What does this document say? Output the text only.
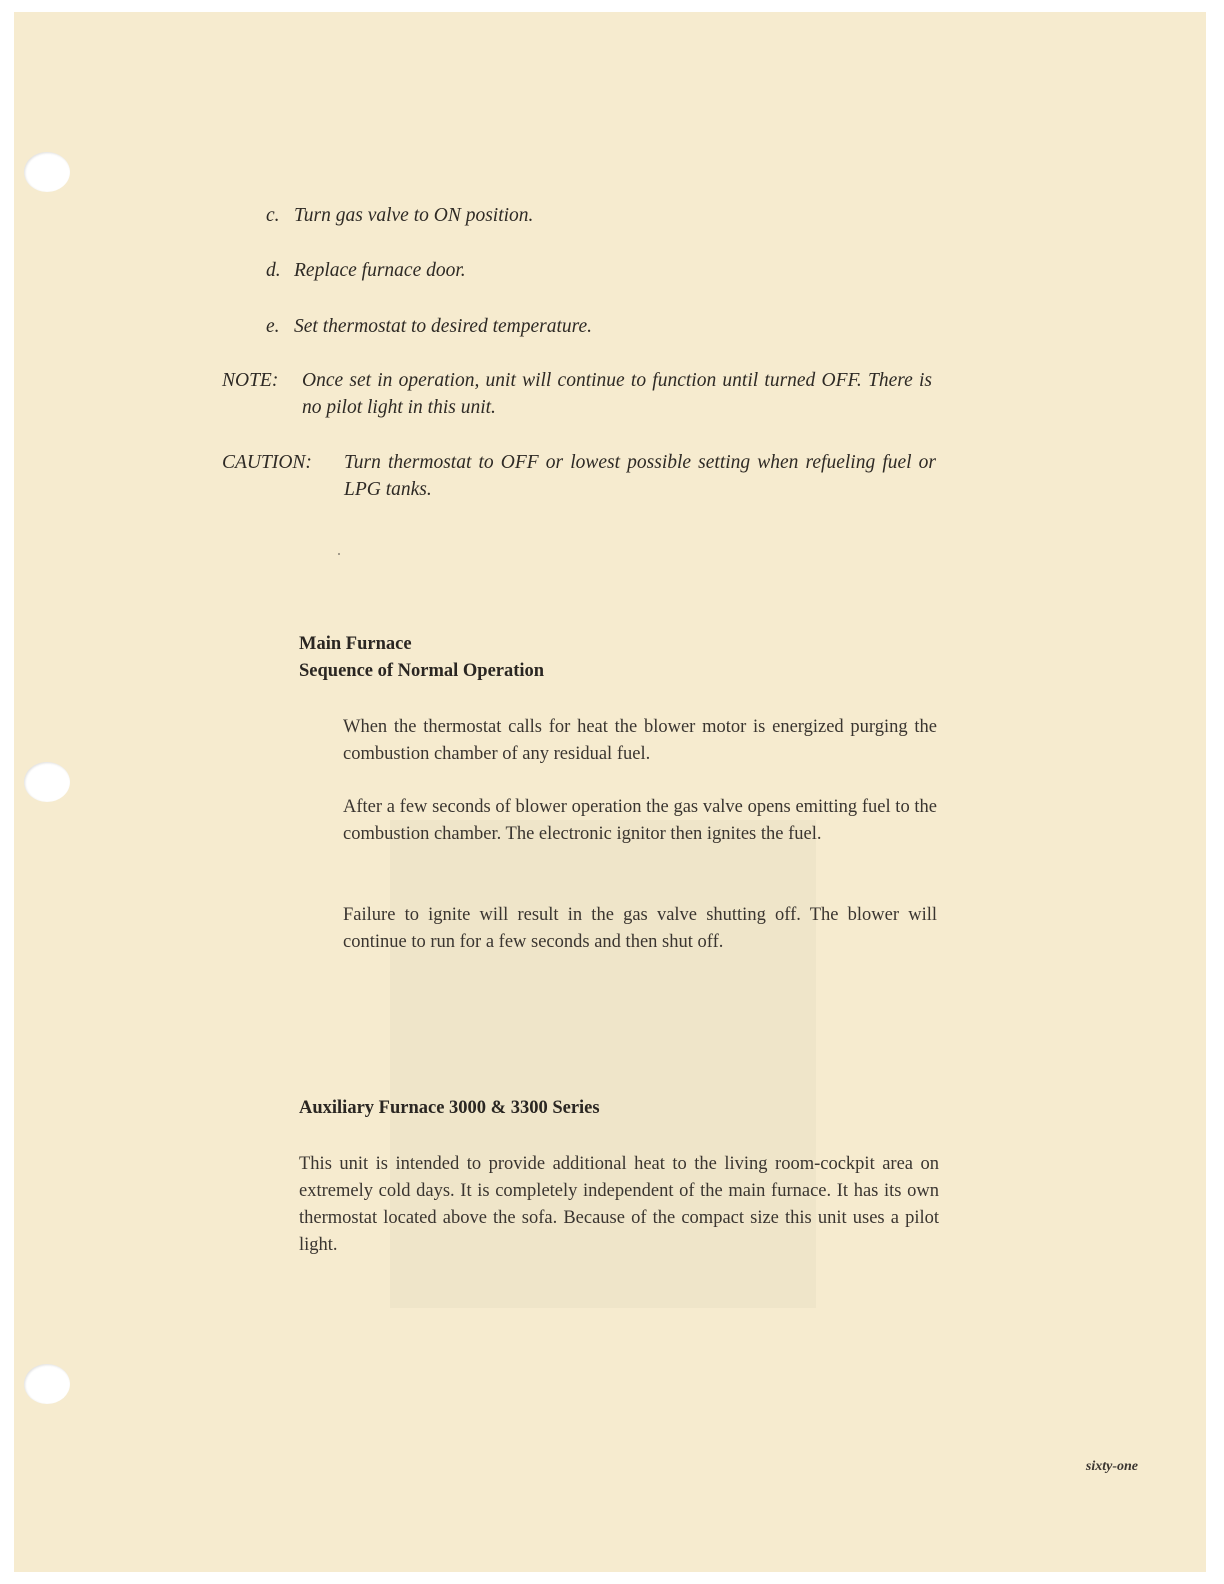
c. Turn gas valve to ON position.
d. Replace furnace door.
e. Set thermostat to desired temperature.
NOTE: Once set in operation, unit will continue to function until turned OFF. There is no pilot light in this unit.
CAUTION: Turn thermostat to OFF or lowest possible setting when refueling fuel or LPG tanks.
Main Furnace
Sequence of Normal Operation
When the thermostat calls for heat the blower motor is energized purging the combustion chamber of any residual fuel.
After a few seconds of blower operation the gas valve opens emitting fuel to the combustion chamber. The electronic ignitor then ignites the fuel.
Failure to ignite will result in the gas valve shutting off. The blower will continue to run for a few seconds and then shut off.
Auxiliary Furnace 3000 & 3300 Series
This unit is intended to provide additional heat to the living room-cockpit area on extremely cold days. It is completely independent of the main furnace. It has its own thermostat located above the sofa. Because of the compact size this unit uses a pilot light.
sixty-one
